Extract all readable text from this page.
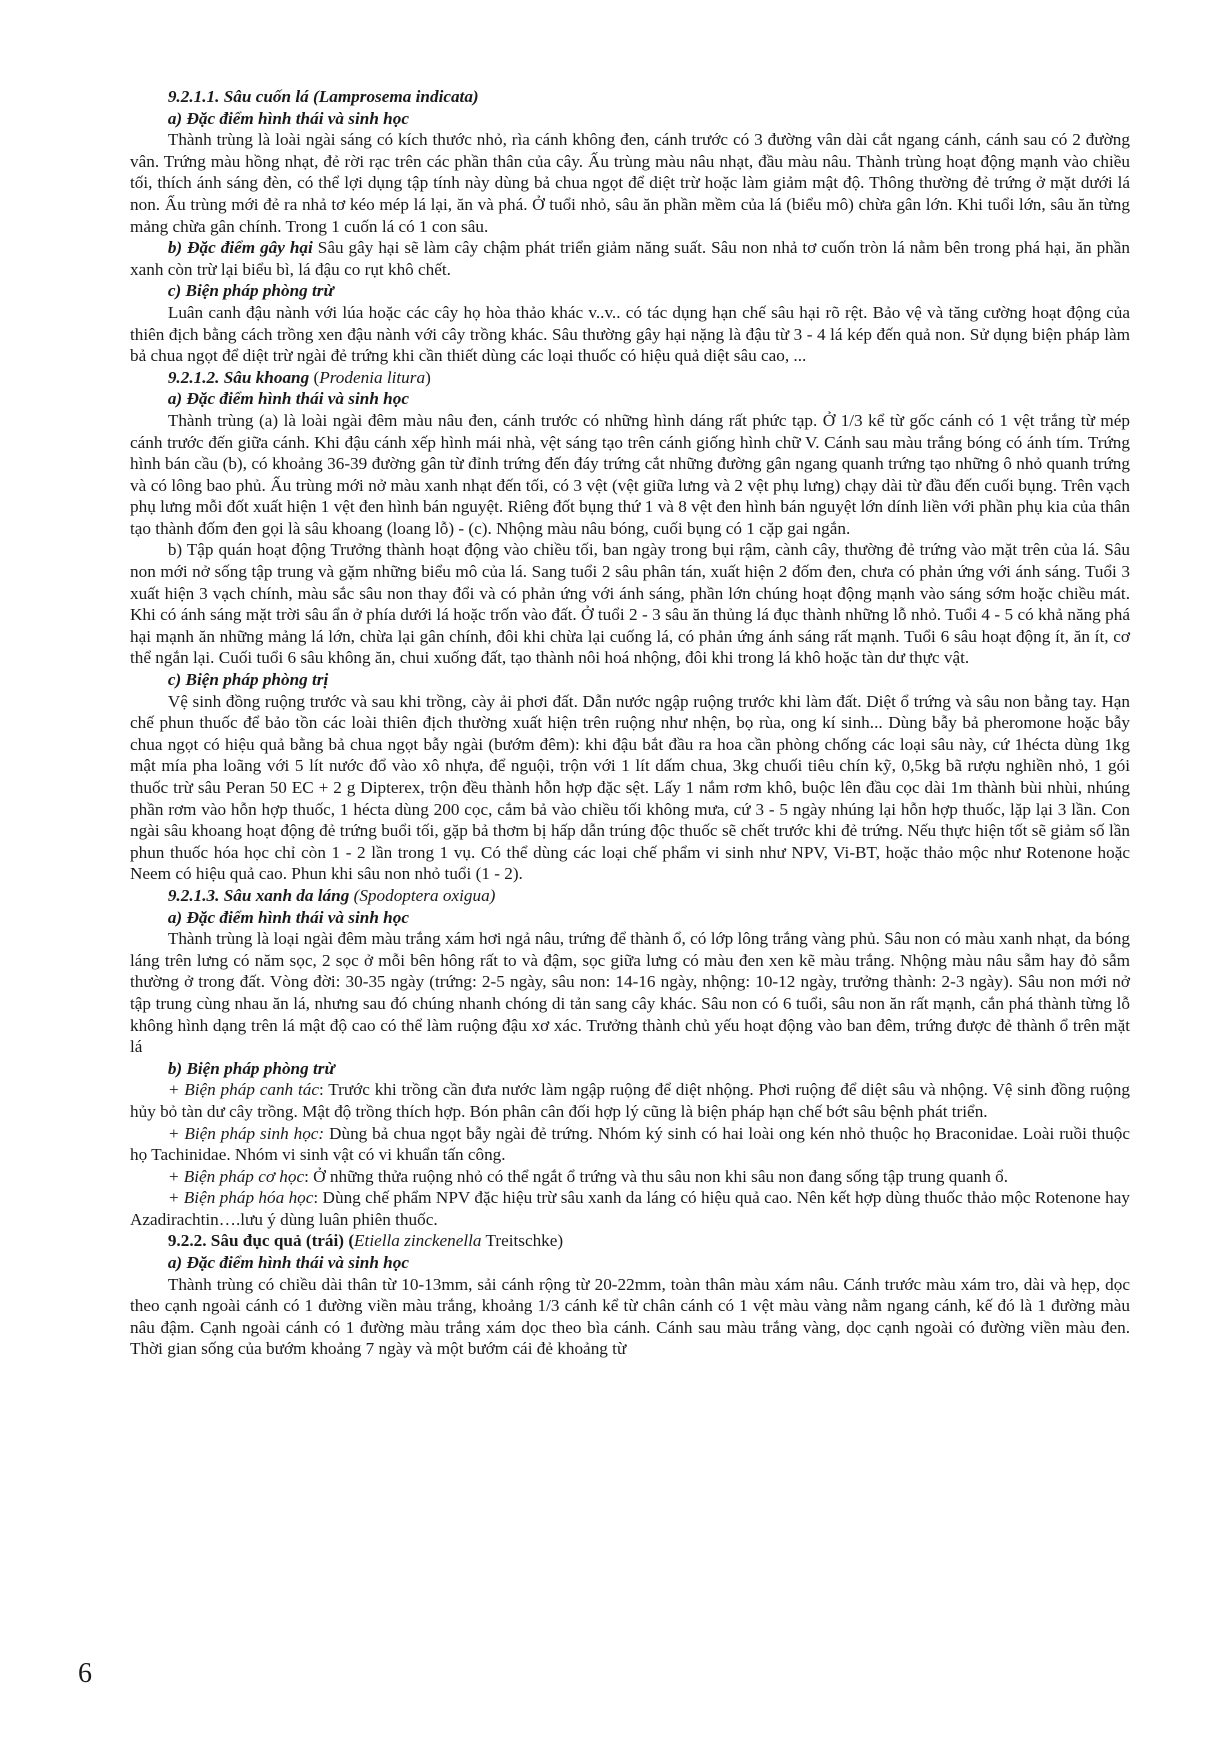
9.2.1.1. Sâu cuốn lá (Lamprosema indicata)

a) Đặc điểm hình thái và sinh học

Thành trùng là loài ngài sáng có kích thước nhỏ, rìa cánh không đen, cánh trước có 3 đường vân dài cắt ngang cánh, cánh sau có 2 đường vân. Trứng màu hồng nhạt, đẻ rời rạc trên các phần thân của cây. Ấu trùng màu nâu nhạt, đầu màu nâu. Thành trùng hoạt động mạnh vào chiều tối, thích ánh sáng đèn, có thể lợi dụng tập tính này dùng bả chua ngọt để diệt trừ hoặc làm giảm mật độ. Thông thường đẻ trứng ở mặt dưới lá non. Ấu trùng mới đẻ ra nhả tơ kéo mép lá lại, ăn và phá. Ở tuổi nhỏ, sâu ăn phần mềm của lá (biểu mô) chừa gân lớn. Khi tuổi lớn, sâu ăn từng mảng chừa gân chính. Trong 1 cuốn lá có 1 con sâu.

b) Đặc điểm gây hại Sâu gây hại sẽ làm cây chậm phát triển giảm năng suất. Sâu non nhả tơ cuốn tròn lá nằm bên trong phá hại, ăn phần xanh còn trừ lại biểu bì, lá đậu co rụt khô chết.

c) Biện pháp phòng trừ

Luân canh đậu nành với lúa hoặc các cây họ hòa thảo khác v..v.. có tác dụng hạn chế sâu hại rõ rệt. Bảo vệ và tăng cường hoạt động của thiên địch bằng cách trồng xen đậu nành với cây trồng khác. Sâu thường gây hại nặng là đậu từ 3 - 4 lá kép đến quả non. Sử dụng biện pháp làm bả chua ngọt để diệt trừ ngài đẻ trứng khi cần thiết dùng các loại thuốc có hiệu quả diệt sâu cao, ...

9.2.1.2. Sâu khoang (Prodenia litura)

a) Đặc điểm hình thái và sinh học

Thành trùng (a) là loài ngài đêm màu nâu đen, cánh trước có những hình dáng rất phức tạp. Ở 1/3 kể từ gốc cánh có 1 vệt trắng từ mép cánh trước đến giữa cánh. Khi đậu cánh xếp hình mái nhà, vệt sáng tạo trên cánh giống hình chữ V. Cánh sau màu trắng bóng có ánh tím. Trứng hình bán cầu (b), có khoảng 36-39 đường gân từ đỉnh trứng đến đáy trứng cắt những đường gân ngang quanh trứng tạo những ô nhỏ quanh trứng và có lông bao phủ. Ấu trùng mới nở màu xanh nhạt đến tối, có 3 vệt (vệt giữa lưng và 2 vệt phụ lưng) chạy dài từ đầu đến cuối bụng. Trên vạch phụ lưng mỗi đốt xuất hiện 1 vệt đen hình bán nguyệt. Riêng đốt bụng thứ 1 và 8 vệt đen hình bán nguyệt lớn dính liền với phần phụ kia của thân tạo thành đốm đen gọi là sâu khoang (loang lỗ) - (c). Nhộng màu nâu bóng, cuối bụng có 1 cặp gai ngắn.

b) Tập quán hoạt động Trưởng thành hoạt động vào chiều tối, ban ngày trong bụi rậm, cành cây, thường đẻ trứng vào mặt trên của lá. Sâu non mới nở sống tập trung và gặm những biểu mô của lá. Sang tuổi 2 sâu phân tán, xuất hiện 2 đốm đen, chưa có phản ứng với ánh sáng. Tuổi 3 xuất hiện 3 vạch chính, màu sắc sâu non thay đổi và có phản ứng với ánh sáng, phần lớn chúng hoạt động mạnh vào sáng sớm hoặc chiều mát. Khi có ánh sáng mặt trời sâu ẩn ở phía dưới lá hoặc trốn vào đất. Ở tuổi 2 - 3 sâu ăn thủng lá đục thành những lỗ nhỏ. Tuổi 4 - 5 có khả năng phá hại mạnh ăn những mảng lá lớn, chừa lại gân chính, đôi khi chừa lại cuống lá, có phản ứng ánh sáng rất mạnh. Tuổi 6 sâu hoạt động ít, ăn ít, cơ thể ngắn lại. Cuối tuổi 6 sâu không ăn, chui xuống đất, tạo thành nôi hoá nhộng, đôi khi trong lá khô hoặc tàn dư thực vật.

c) Biện pháp phòng trị

Vệ sinh đồng ruộng trước và sau khi trồng, cày ải phơi đất. Dẫn nước ngập ruộng trước khi làm đất. Diệt ổ trứng và sâu non bằng tay. Hạn chế phun thuốc để bảo tồn các loài thiên địch thường xuất hiện trên ruộng như nhện, bọ rùa, ong kí sinh... Dùng bẫy bả pheromone hoặc bẫy chua ngọt có hiệu quả bằng bả chua ngọt bẫy ngài (bướm đêm): khi đậu bắt đầu ra hoa cần phòng chống các loại sâu này, cứ 1hécta dùng 1kg mật mía pha loãng với 5 lít nước đổ vào xô nhựa, để nguội, trộn với 1 lít dấm chua, 3kg chuối tiêu chín kỹ, 0,5kg bã rượu nghiền nhỏ, 1 gói thuốc trừ sâu Peran 50 EC + 2 g Dipterex, trộn đều thành hỗn hợp đặc sệt. Lấy 1 nắm rơm khô, buộc lên đầu cọc dài 1m thành bùi nhùi, nhúng phần rơm vào hỗn hợp thuốc, 1 hécta dùng 200 cọc, cắm bả vào chiều tối không mưa, cứ 3 - 5 ngày nhúng lại hỗn hợp thuốc, lặp lại 3 lần. Con ngài sâu khoang hoạt động đẻ trứng buổi tối, gặp bả thơm bị hấp dẫn trúng độc thuốc sẽ chết trước khi đẻ trứng. Nếu thực hiện tốt sẽ giảm số lần phun thuốc hóa học chỉ còn 1 - 2 lần trong 1 vụ. Có thể dùng các loại chế phẩm vi sinh như NPV, Vi-BT, hoặc thảo mộc như Rotenone hoặc Neem có hiệu quả cao. Phun khi sâu non nhỏ tuổi (1 - 2).

9.2.1.3. Sâu xanh da láng (Spodoptera oxigua)

a) Đặc điểm hình thái và sinh học

Thành trùng là loại ngài đêm màu trắng xám hơi ngả nâu, trứng để thành ổ, có lớp lông trắng vàng phủ. Sâu non có màu xanh nhạt, da bóng láng trên lưng có năm sọc, 2 sọc ở mỗi bên hông rất to và đậm, sọc giữa lưng có màu đen xen kẽ màu trắng. Nhộng màu nâu sẫm hay đỏ sẫm thường ở trong đất. Vòng đời: 30-35 ngày (trứng: 2-5 ngày, sâu non: 14-16 ngày, nhộng: 10-12 ngày, trưởng thành: 2-3 ngày). Sâu non mới nở tập trung cùng nhau ăn lá, nhưng sau đó chúng nhanh chóng di tản sang cây khác. Sâu non có 6 tuổi, sâu non ăn rất mạnh, cắn phá thành từng lỗ không hình dạng trên lá mật độ cao có thể làm ruộng đậu xơ xác. Trưởng thành chủ yếu hoạt động vào ban đêm, trứng được đẻ thành ổ trên mặt lá

b) Biện pháp phòng trừ

+ Biện pháp canh tác: Trước khi trồng cần đưa nước làm ngập ruộng để diệt nhộng. Phơi ruộng để diệt sâu và nhộng. Vệ sinh đồng ruộng hủy bỏ tàn dư cây trồng. Mật độ trồng thích hợp. Bón phân cân đối hợp lý cũng là biện pháp hạn chế bớt sâu bệnh phát triển.

+ Biện pháp sinh học: Dùng bả chua ngọt bẫy ngài đẻ trứng. Nhóm ký sinh có hai loài ong kén nhỏ thuộc họ Braconidae. Loài ruồi thuộc họ Tachinidae. Nhóm vi sinh vật có vi khuẩn tấn công.

+ Biện pháp cơ học: Ở những thửa ruộng nhỏ có thể ngắt ổ trứng và thu sâu non khi sâu non đang sống tập trung quanh ổ.

+ Biện pháp hóa học: Dùng chế phẩm NPV đặc hiệu trừ sâu xanh da láng có hiệu quả cao. Nên kết hợp dùng thuốc thảo mộc Rotenone hay Azadirachtin….lưu ý dùng luân phiên thuốc.

9.2.2. Sâu đục quả (trái) (Etiella zinckenella Treitschke)

a) Đặc điểm hình thái và sinh học

Thành trùng có chiều dài thân từ 10-13mm, sải cánh rộng từ 20-22mm, toàn thân màu xám nâu. Cánh trước màu xám tro, dài và hẹp, dọc theo cạnh ngoài cánh có 1 đường viền màu trắng, khoảng 1/3 cánh kể từ chân cánh có 1 vệt màu vàng nằm ngang cánh, kế đó là 1 đường màu nâu đậm. Cạnh ngoài cánh có 1 đường màu trắng xám dọc theo bìa cánh. Cánh sau màu trắng vàng, dọc cạnh ngoài có đường viền màu đen. Thời gian sống của bướm khoảng 7 ngày và một bướm cái đẻ khoảng từ

6
